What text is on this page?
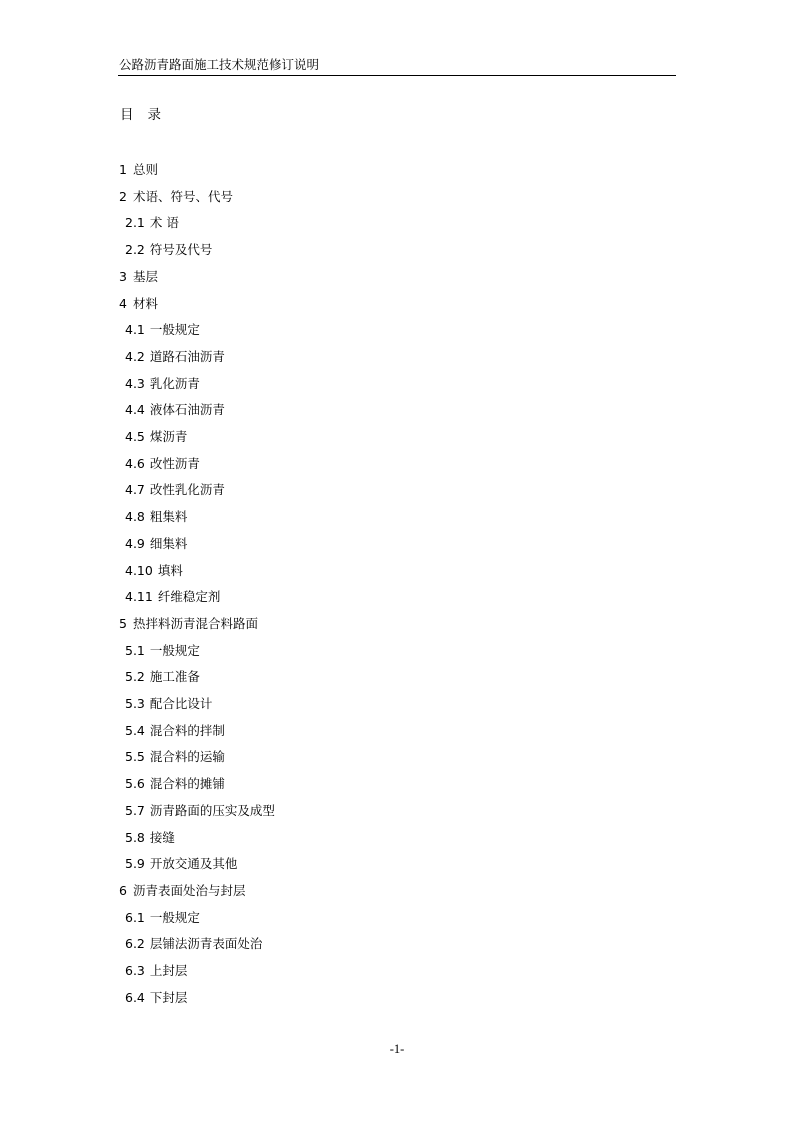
公路沥青路面施工技术规范修订说明
目 录
1 总则
2 术语、符号、代号
2.1 术 语
2.2 符号及代号
3 基层
4 材料
4.1 一般规定
4.2 道路石油沥青
4.3 乳化沥青
4.4 液体石油沥青
4.5 煤沥青
4.6 改性沥青
4.7 改性乳化沥青
4.8 粗集料
4.9 细集料
4.10 填料
4.11 纤维稳定剂
5 热拌料沥青混合料路面
5.1 一般规定
5.2 施工准备
5.3 配合比设计
5.4 混合料的拌制
5.5 混合料的运输
5.6 混合料的摊铺
5.7 沥青路面的压实及成型
5.8 接缝
5.9 开放交通及其他
6 沥青表面处治与封层
6.1 一般规定
6.2 层铺法沥青表面处治
6.3 上封层
6.4 下封层
-1-
